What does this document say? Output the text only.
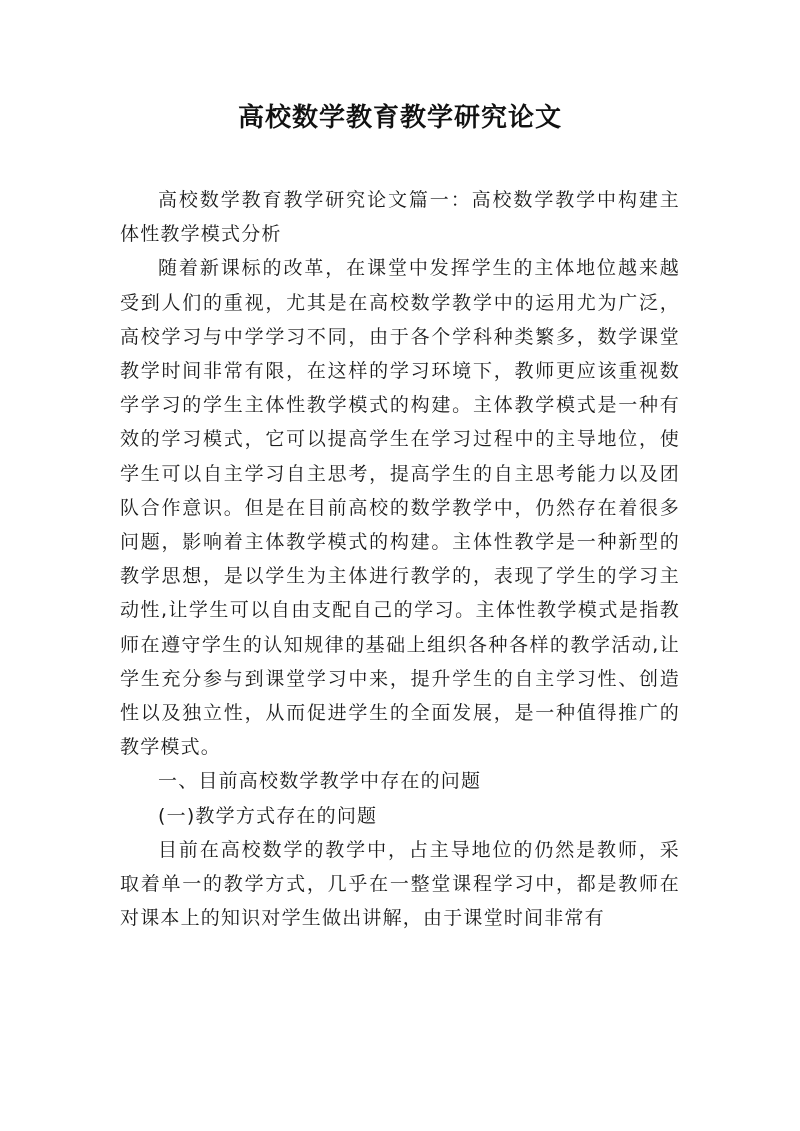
高校数学教育教学研究论文

高校数学教育教学研究论文篇一：高校数学教学中构建主体性教学模式分析

随着新课标的改革，在课堂中发挥学生的主体地位越来越受到人们的重视，尤其是在高校数学教学中的运用尤为广泛，高校学习与中学学习不同，由于各个学科种类繁多，数学课堂教学时间非常有限，在这样的学习环境下，教师更应该重视数学学习的学生主体性教学模式的构建。主体教学模式是一种有效的学习模式，它可以提高学生在学习过程中的主导地位，使学生可以自主学习自主思考，提高学生的自主思考能力以及团队合作意识。但是在目前高校的数学教学中，仍然存在着很多问题，影响着主体教学模式的构建。主体性教学是一种新型的教学思想，是以学生为主体进行教学的，表现了学生的学习主动性,让学生可以自由支配自己的学习。主体性教学模式是指教师在遵守学生的认知规律的基础上组织各种各样的教学活动,让学生充分参与到课堂学习中来，提升学生的自主学习性、创造性以及独立性，从而促进学生的全面发展，是一种值得推广的教学模式。

一、目前高校数学教学中存在的问题

(一)教学方式存在的问题

目前在高校数学的教学中，占主导地位的仍然是教师，采取着单一的教学方式，几乎在一整堂课程学习中，都是教师在对课本上的知识对学生做出讲解，由于课堂时间非常有
